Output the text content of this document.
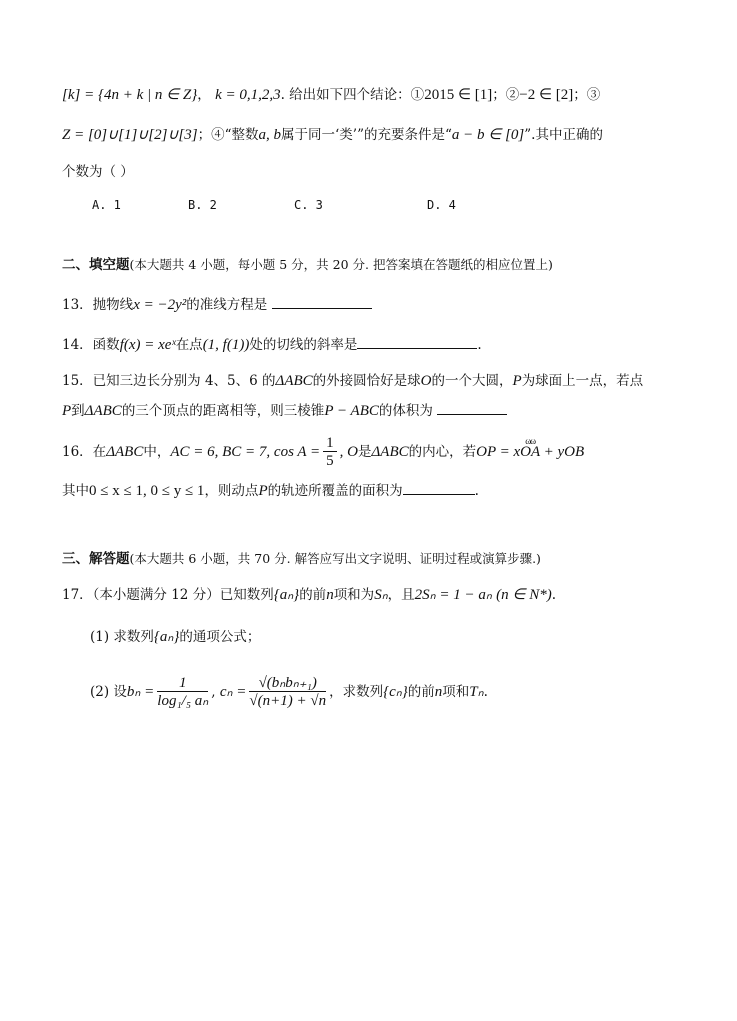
[k] = {4n + k | n ∈ Z}， k = 0,1,2,3. 给出如下四个结论：①2015 ∈ [1]；②−2 ∈ [2]；③
Z = [0]∪[1]∪[2]∪[3]；④“整数a, b属于同一‘类’”的充要条件是“a − b ∈ [0]”.其中正确的
个数为（ ）
A. 1	B. 2	C. 3	D. 4
二、填空题(本大题共 4 小题，每小题 5 分，共 20 分. 把答案填在答题纸的相应位置上)
13．抛物线x = −2y²的准线方程是
14．函数f(x) = xeˣ在点(1, f(1))处的切线的斜率是	.
15．已知三边长分别为 4、5、6 的ΔABC的外接圆恰好是球O的一个大圆，P为球面上一点，若点
P到ΔABC的三个顶点的距离相等，则三棱锥P − ABC的体积为
16．在ΔABC中，AC = 6, BC = 7, $\cos A = \frac{1}{5}$ , O是ΔABC的内心，若ωω OP = xOA + yOB
其中0 ≤ x ≤ 1, 0 ≤ y ≤ 1，则动点P的轨迹所覆盖的面积为	.
三、解答题(本大题共 6 小题，共 70 分. 解答应写出文字说明、证明过程或演算步骤.)
17．（本小题满分 12 分）已知数列{aₙ}的前n项和为Sₙ，且2Sₙ = 1 − aₙ (n ∈ N*).
(1) 求数列{aₙ}的通项公式；
(2) 设$b_n = \frac{1}{\text{log₁/₅ aₙ}}$ , $c_n = \frac{\text{√(bₙbₙ₊₁)}}{√(n+1) + √n}$ ，求数列{cₙ}的前n项和Tₙ.
